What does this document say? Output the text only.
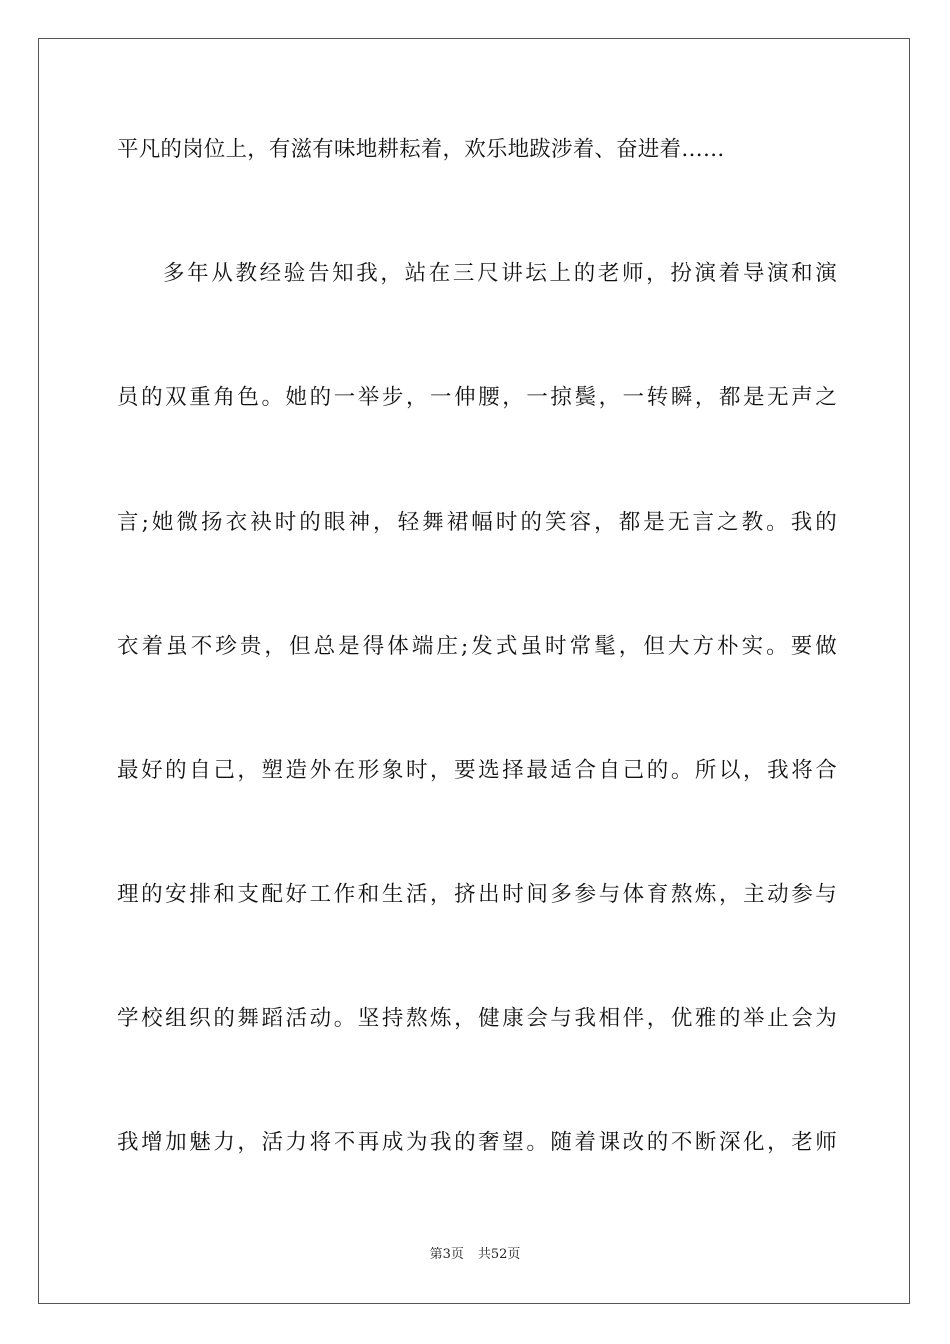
平凡的岗位上，有滋有味地耕耘着，欢乐地跋涉着、奋进着……
多年从教经验告知我，站在三尺讲坛上的老师，扮演着导演和演
员的双重角色。她的一举步，一伸腰，一掠鬓，一转瞬，都是无声之
言;她微扬衣袂时的眼神，轻舞裙幅时的笑容，都是无言之教。我的
衣着虽不珍贵，但总是得体端庄;发式虽时常髦，但大方朴实。要做
最好的自己，塑造外在形象时，要选择最适合自己的。所以，我将合
理的安排和支配好工作和生活，挤出时间多参与体育熬炼，主动参与
学校组织的舞蹈活动。坚持熬炼，健康会与我相伴，优雅的举止会为
我增加魅力，活力将不再成为我的奢望。随着课改的不断深化，老师
第3页 共52页
